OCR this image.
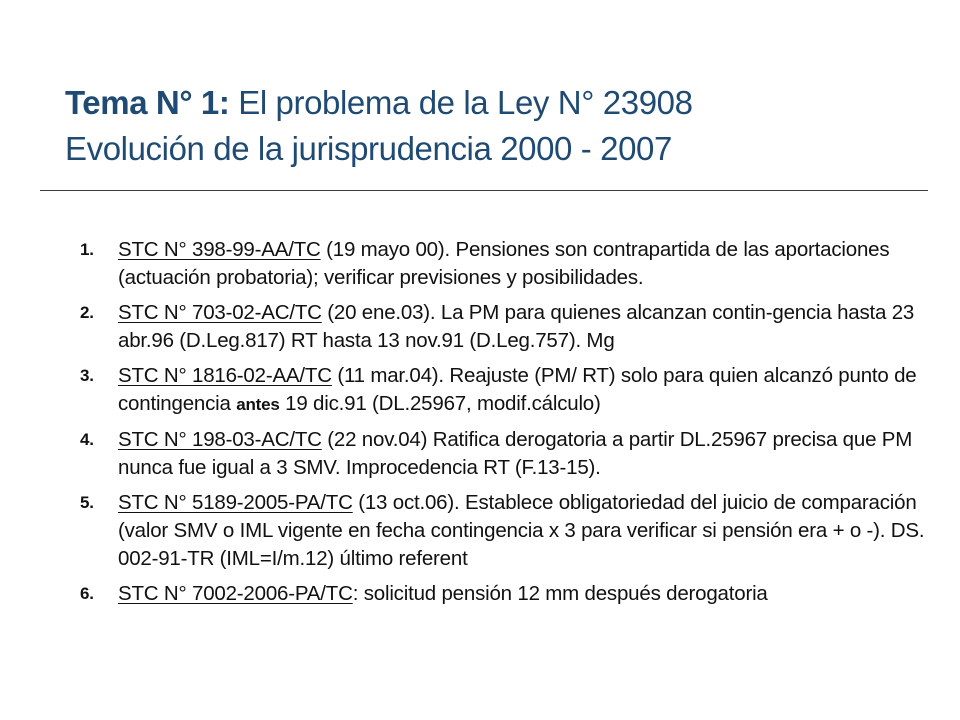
Tema N° 1: El problema de la Ley N° 23908
Evolución de la jurisprudencia 2000 - 2007
1. STC N° 398-99-AA/TC (19 mayo 00). Pensiones son contrapartida de las aportaciones (actuación probatoria); verificar previsiones y posibilidades.
2. STC N° 703-02-AC/TC (20 ene.03). La PM para quienes alcanzan contin-gencia hasta 23 abr.96 (D.Leg.817) RT hasta 13 nov.91 (D.Leg.757). Mg
3. STC N° 1816-02-AA/TC (11 mar.04). Reajuste (PM/ RT) solo para quien alcanzó punto de contingencia antes 19 dic.91 (DL.25967, modif.cálculo)
4. STC N° 198-03-AC/TC (22 nov.04) Ratifica derogatoria a partir DL.25967 precisa que PM nunca fue igual a 3 SMV. Improcedencia RT (F.13-15).
5. STC N° 5189-2005-PA/TC (13 oct.06). Establece obligatoriedad del juicio de comparación (valor SMV o IML vigente en fecha contingencia x 3 para verificar si pensión era + o -). DS. 002-91-TR (IML=I/m.12) último referent
6. STC N° 7002-2006-PA/TC: solicitud pensión 12 mm después derogatoria
